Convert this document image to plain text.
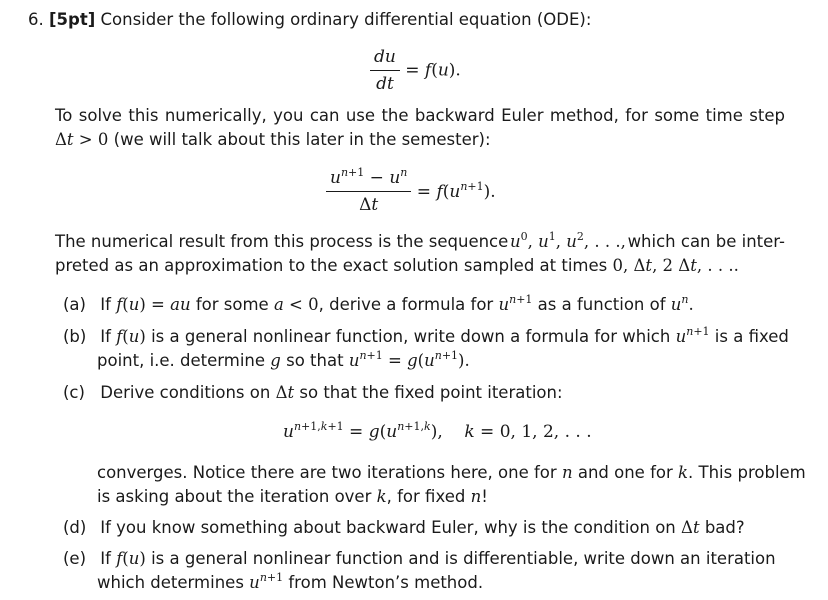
6. [5pt] Consider the following ordinary differential equation (ODE):
$\frac{du}{dt} = f(u)$.
To solve this numerically, you can use the backward Euler method, for some time step
Δt > 0 (we will talk about this later in the semester):
$\frac{u^{n+1} - u^n}{\Delta t} = f(u^{n+1})$.
The numerical result from this process is the sequence $u^0$, $u^1$, $u^2$, . . ., which can be inter-
preted as an approximation to the exact solution sampled at times 0, Δt, 2 Δt, . . ..
(a) If f(u) = au for some a < 0, derive a formula for $u^{n+1}$ as a function of $u^n$.
(b) If f(u) is a general nonlinear function, write down a formula for which $u^{n+1}$ is a fixed
point, i.e. determine g so that $u^{n+1} = g(u^{n+1})$.
(c) Derive conditions on Δt so that the fixed point iteration:
$u^{n+1,k+1} = g(u^{n+1,k})$,    k = 0, 1, 2, . . .
converges. Notice there are two iterations here, one for n and one for k. This problem
is asking about the iteration over k, for fixed n!
(d) If you know something about backward Euler, why is the condition on Δt bad?
(e) If f(u) is a general nonlinear function and is differentiable, write down an iteration
which determines $u^{n+1}$ from Newton’s method.
